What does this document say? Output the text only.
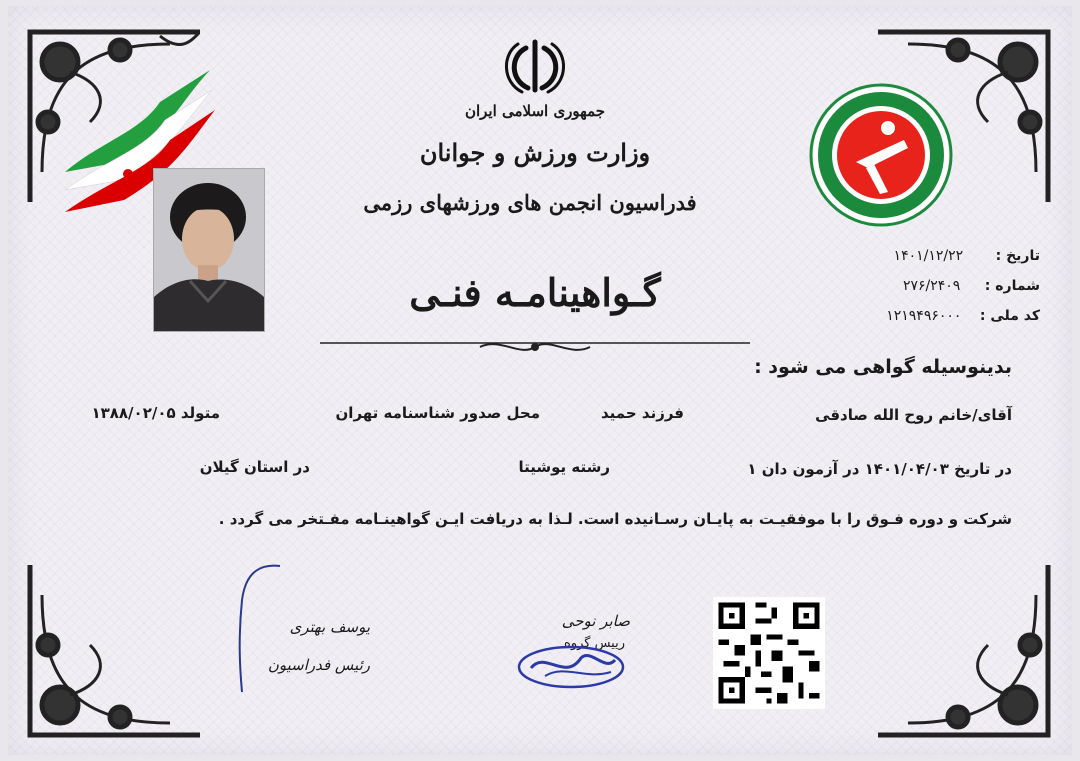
جمهوری اسلامی ایران
وزارت ورزش و جوانان
فدراسیون انجمن های ورزشهای رزمی
گـواهینامـه فنـی
تاریخ : ۱۴۰۱/۱۲/۲۲
شماره : ۲۷۶/۲۴۰۹
کد ملی : ۱۲۱۹۴۹۶۰۰۰
بدینوسیله گواهی می شود :
آقای/خانم روح الله صادقی
فرزند حمید
محل صدور شناسنامه تهران
متولد ۱۳۸۸/۰۲/۰۵
در تاریخ ۱۴۰۱/۰۴/۰۳ در آزمون دان ۱
رشته یوشیتا
در استان گیلان
شرکت و دوره فـوق را با موفقیـت به پایـان رسـانیده است. لـذا به دریافت ایـن گواهینـامه مفـتخر می گردد .
یوسف بهتری
رئیس فدراسیون
صابر نوحی
رییس گروه
